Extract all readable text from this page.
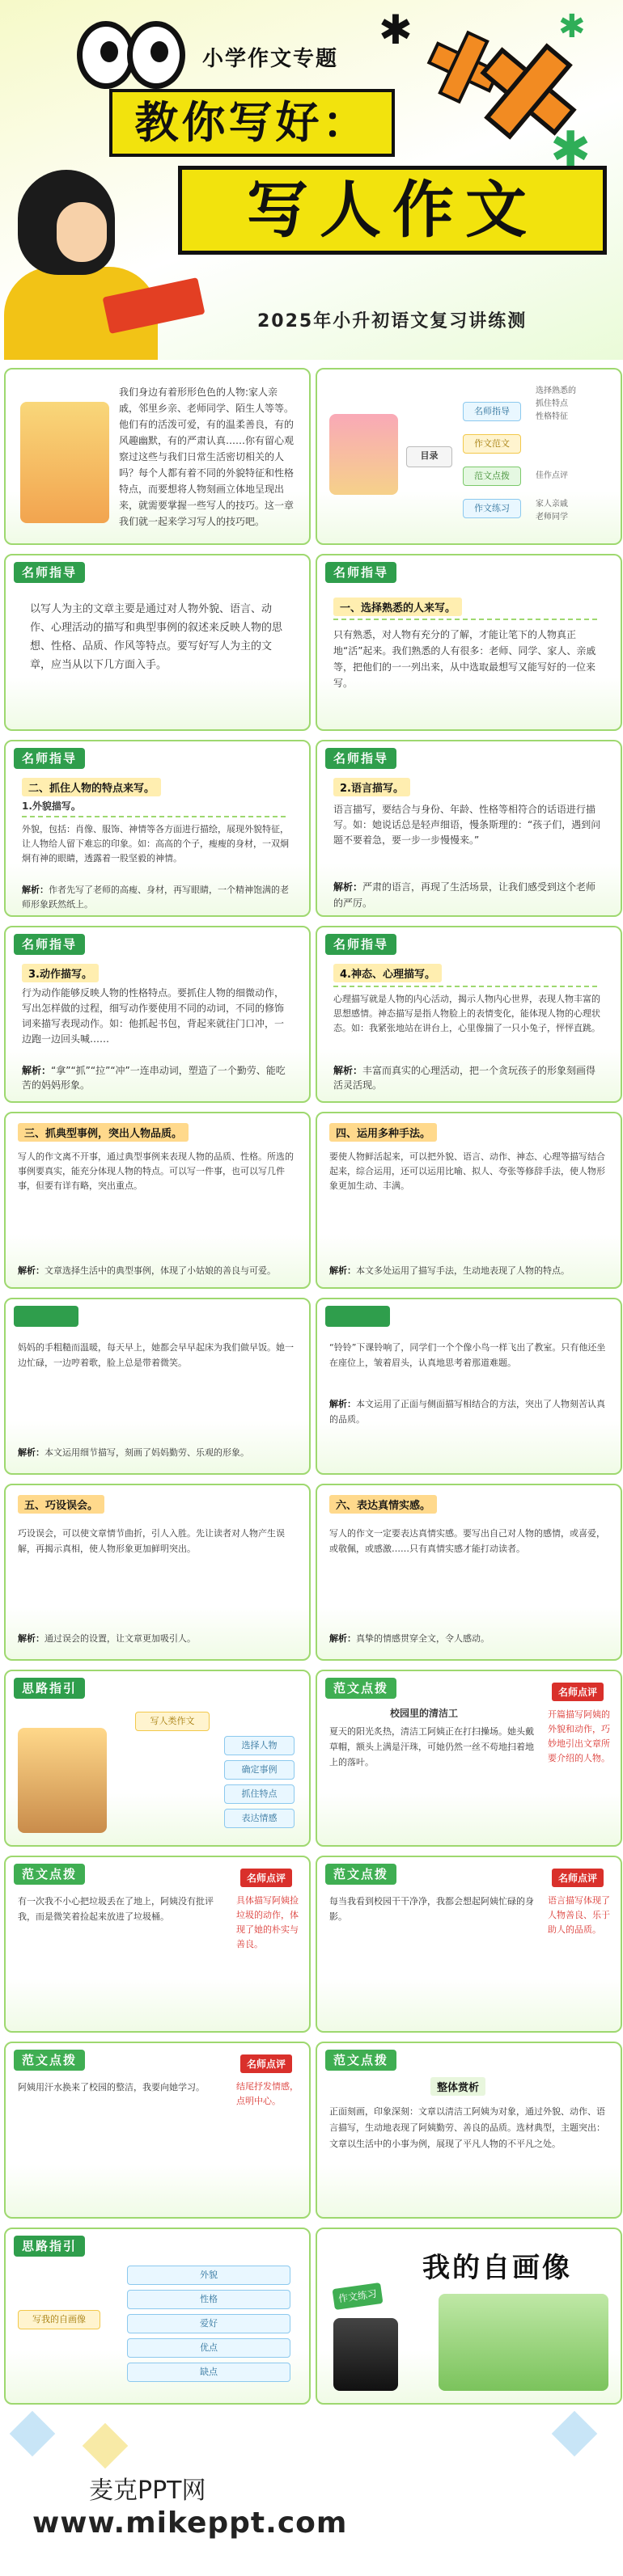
小学作文专题
教你写好：
写人作文
2025年小升初语文复习讲练测
✱	✱
✱
我们身边有着形形色色的人物:家人亲戚，邻里乡亲、老师同学、陌生人等等。他们有的活泼可爱，有的温柔善良，有的风趣幽默，有的严肃认真……你有留心观察过这些与我们日常生活密切相关的人吗？每个人都有着不同的外貌特征和性格特点，而要想将人物刻画立体地呈现出来，就需要掌握一些写人的技巧。这一章我们就一起来学习写人的技巧吧。
目录
名师指导
作文范文
范文点拨
作文练习
选择熟悉的
抓住特点
性格特征
佳作点评
家人亲戚
老师同学
名师指导
以写人为主的文章主要是通过对人物外貌、语言、动作、心理活动的描写和典型事例的叙述来反映人物的思想、性格、品质、作风等特点。要写好写人为主的文章，应当从以下几方面入手。
名师指导
一、选择熟悉的人来写。
只有熟悉，对人物有充分的了解，才能让笔下的人物真正地“活”起来。我们熟悉的人有很多：老师、同学、家人、亲戚等，把他们的一一列出来，从中选取最想写又能写好的一位来写。
名师指导
二、抓住人物的特点来写。
1.外貌描写。
外貌，包括：肖像、服饰、神情等各方面进行描绘，展现外貌特征，让人物给人留下难忘的印象。如：高高的个子，瘦瘦的身材，一双炯炯有神的眼睛，透露着一股坚毅的神情。
解析：作者先写了老师的高瘦、身材，再写眼睛，一个精神饱满的老师形象跃然纸上。
名师指导
2.语言描写。
语言描写，要结合与身份、年龄、性格等相符合的话语进行描写。如：她说话总是轻声细语，慢条斯理的：“孩子们，遇到问题不要着急，要一步一步慢慢来。”
解析：严肃的语言，再现了生活场景，让我们感受到这个老师的严厉。
名师指导
3.动作描写。
行为动作能够反映人物的性格特点。要抓住人物的细微动作，写出怎样做的过程，细写动作要使用不同的动词，不同的修饰词来描写表现动作。如：他抓起书包，背起来就往门口冲，一边跑一边回头喊……
解析：“拿”“抓”“拉”“冲”一连串动词，塑造了一个勤劳、能吃苦的妈妈形象。
名师指导
4.神态、心理描写。
心理描写就是人物的内心活动，揭示人物内心世界，表现人物丰富的思想感情。神态描写是指人物脸上的表情变化，能体现人物的心理状态。如：我紧张地站在讲台上，心里像揣了一只小兔子，怦怦直跳。
解析：丰富而真实的心理活动，把一个贪玩孩子的形象刻画得活灵活现。
三、抓典型事例，突出人物品质。
写人的作文离不开事，通过典型事例来表现人物的品质、性格。所选的事例要真实，能充分体现人物的特点。可以写一件事，也可以写几件事，但要有详有略，突出重点。
解析：文章选择生活中的典型事例，体现了小姑娘的善良与可爱。
四、运用多种手法。
要使人物鲜活起来，可以把外貌、语言、动作、神态、心理等描写结合起来，综合运用，还可以运用比喻、拟人、夸张等修辞手法，使人物形象更加生动、丰满。
解析：本文多处运用了描写手法，生动地表现了人物的特点。
妈妈的手粗糙而温暖，每天早上，她都会早早起床为我们做早饭。她一边忙碌，一边哼着歌，脸上总是带着微笑。
解析：本文运用细节描写，刻画了妈妈勤劳、乐观的形象。
“铃铃”下课铃响了，同学们一个个像小鸟一样飞出了教室。只有他还坐在座位上，皱着眉头，认真地思考着那道难题。
解析：本文运用了正面与侧面描写相结合的方法，突出了人物刻苦认真的品质。
五、巧设误会。
巧设误会，可以使文章情节曲折，引人入胜。先让读者对人物产生误解，再揭示真相，使人物形象更加鲜明突出。
解析：通过误会的设置，让文章更加吸引人。
六、表达真情实感。
写人的作文一定要表达真情实感。要写出自己对人物的感情，或喜爱，或敬佩，或感激……只有真情实感才能打动读者。
解析：真挚的情感贯穿全文，令人感动。
思路指引
写人类作文
选择人物
确定事例
抓住特点
表达情感
范文点拨
校园里的清洁工
夏天的阳光炙热，清洁工阿姨正在打扫操场。她头戴草帽，额头上满是汗珠，可她仍然一丝不苟地扫着地上的落叶。
名师点评
开篇描写阿姨的外貌和动作，巧妙地引出文章所要介绍的人物。
范文点拨
有一次我不小心把垃圾丢在了地上，阿姨没有批评我，而是微笑着捡起来放进了垃圾桶。
名师点评
具体描写阿姨捡垃圾的动作，体现了她的朴实与善良。
范文点拨
每当我看到校园干干净净，我都会想起阿姨忙碌的身影。
名师点评
语言描写体现了人物善良、乐于助人的品质。
范文点拨
阿姨用汗水换来了校园的整洁，我要向她学习。
名师点评
结尾抒发情感，点明中心。
范文点拨
整体赏析
正面刻画，印象深刻：文章以清洁工阿姨为对象，通过外貌、动作、语言描写，生动地表现了阿姨勤劳、善良的品质。选材典型，主题突出：文章以生活中的小事为例，展现了平凡人物的不平凡之处。
思路指引
写我的自画像
外貌
性格
爱好
优点
缺点
作文练习
我的自画像
麦克PPT网
www.mikeppt.com
